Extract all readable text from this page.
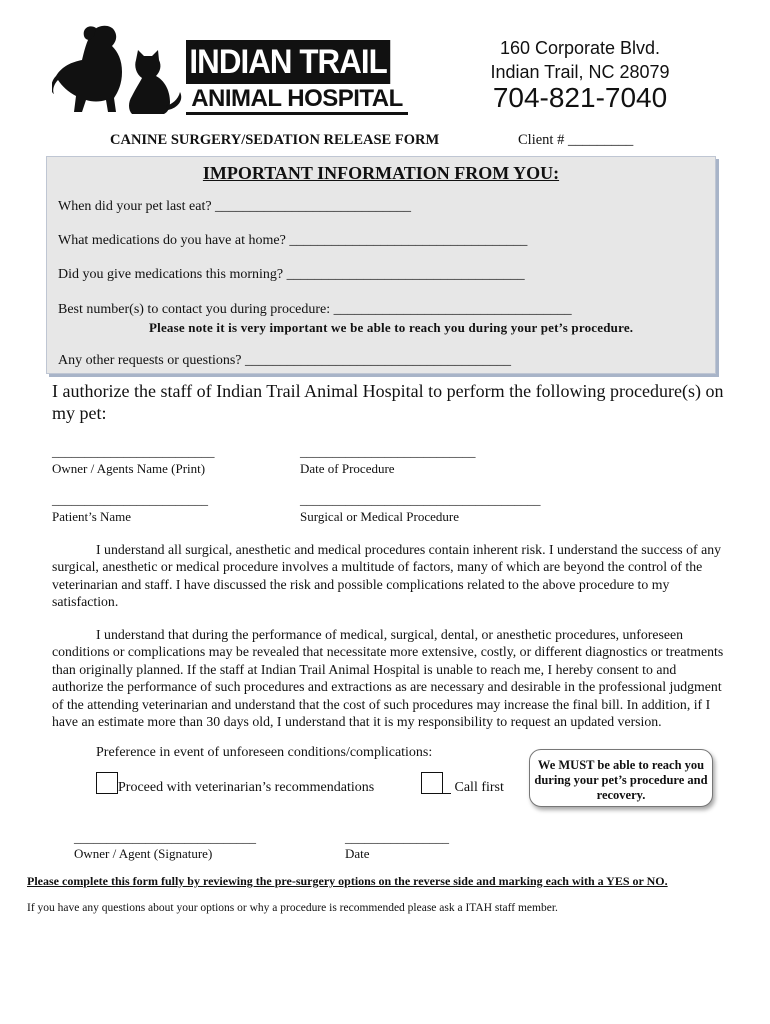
INDIAN TRAIL
ANIMAL HOSPITAL
160 Corporate Blvd.
Indian Trail, NC 28079
704-821-7040
CANINE SURGERY/SEDATION RELEASE FORM	Client # _________
IMPORTANT INFORMATION FROM YOU:
When did your pet last eat? ____________________________
What medications do you have at home? __________________________________
Did you give medications this morning? __________________________________
Best number(s) to contact you during procedure: __________________________________
Please note it is very important we be able to reach you during your pet’s procedure.
Any other requests or questions? ______________________________________
I authorize the staff of Indian Trail Animal Hospital to perform the following procedure(s) on my pet:
_________________________
Owner / Agents Name (Print)
___________________________
Date of Procedure
________________________
Patient’s Name
_____________________________________
Surgical or Medical Procedure
I understand all surgical, anesthetic and medical procedures contain inherent risk. I understand the success of any surgical, anesthetic or medical procedure involves a multitude of factors, many of which are beyond the control of the veterinarian and staff. I have discussed the risk and possible complications related to the above procedure to my satisfaction.
I understand that during the performance of medical, surgical, dental, or anesthetic procedures, unforeseen conditions or complications may be revealed that necessitate more extensive, costly, or different diagnostics or treatments than originally planned. If the staff at Indian Trail Animal Hospital is unable to reach me, I hereby consent to and authorize the performance of such procedures and extractions as are necessary and desirable in the professional judgment of the attending veterinarian and understand that the cost of such procedures may increase the final bill. In addition, if I have an estimate more than 30 days old, I understand that it is my responsibility to request an updated version.
Preference in event of unforeseen conditions/complications:
Proceed with veterinarian’s recommendations	Call first
We MUST be able to reach you during your pet’s procedure and recovery.
____________________________
Owner / Agent (Signature)
________________
Date
Please complete this form fully by reviewing the pre-surgery options on the reverse side and marking each with a YES or NO.
If you have any questions about your options or why a procedure is recommended please ask a ITAH staff member.
